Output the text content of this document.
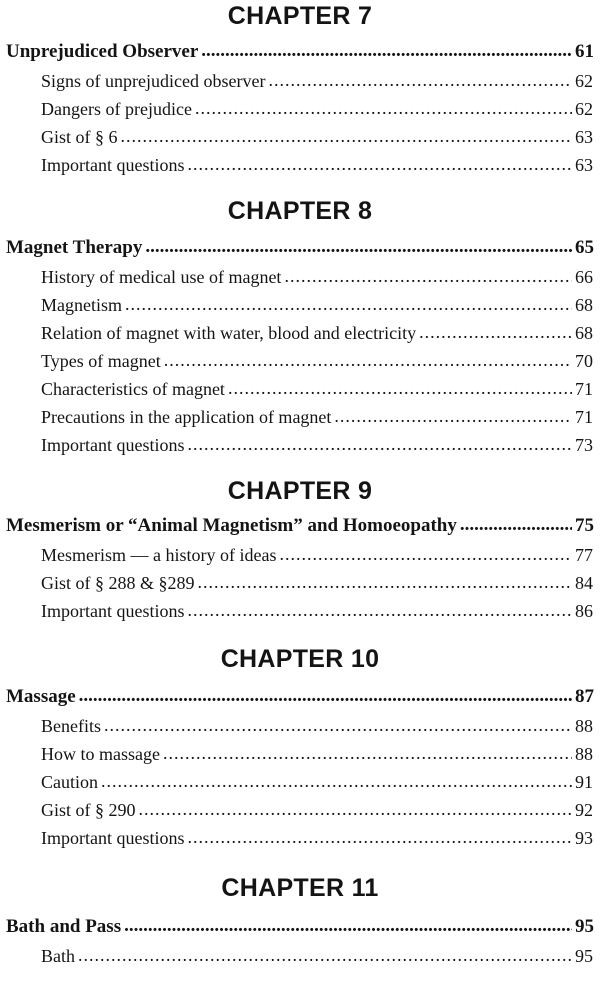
CHAPTER 7
Unprejudiced Observer .....	61
Signs of unprejudiced observer .....	62
Dangers of prejudice .....	62
Gist of § 6 .....	63
Important questions .....	63
CHAPTER 8
Magnet Therapy .....	65
History of medical use of magnet .....	66
Magnetism .....	68
Relation of magnet with water, blood and electricity .....	68
Types of magnet .....	70
Characteristics of magnet .....	71
Precautions in the application of magnet .....	71
Important questions .....	73
CHAPTER 9
Mesmerism or “Animal Magnetism” and Homoeopathy .....	75
Mesmerism — a history of ideas .....	77
Gist of § 288 & §289 .....	84
Important questions .....	86
CHAPTER 10
Massage .....	87
Benefits .....	88
How to massage .....	88
Caution .....	91
Gist of § 290 .....	92
Important questions .....	93
CHAPTER 11
Bath and Pass .....	95
Bath .....	95
